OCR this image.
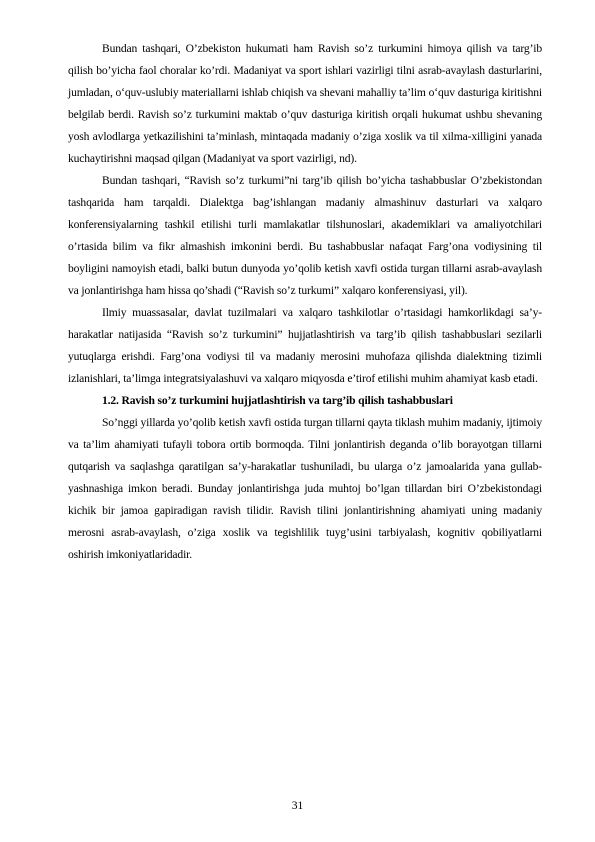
Bundan tashqari, O’zbekiston hukumati ham Ravish so’z turkumini himoya qilish va targ’ib qilish bo’yicha faol choralar ko’rdi. Madaniyat va sport ishlari vazirligi tilni asrab-avaylash dasturlarini, jumladan, o‘quv-uslubiy materiallarni ishlab chiqish va shevani mahalliy ta’lim o‘quv dasturiga kiritishni belgilab berdi. Ravish so’z turkumini maktab o’quv dasturiga kiritish orqali hukumat ushbu shevaning yosh avlodlarga yetkazilishini ta’minlash, mintaqada madaniy o’ziga xoslik va til xilma-xilligini yanada kuchaytirishni maqsad qilgan (Madaniyat va sport vazirligi, nd).

Bundan tashqari, “Ravish so’z turkumi”ni targ’ib qilish bo’yicha tashabbuslar O’zbekistondan tashqarida ham tarqaldi. Dialektga bag’ishlangan madaniy almashinuv dasturlari va xalqaro konferensiyalarning tashkil etilishi turli mamlakatlar tilshunoslari, akademiklari va amaliyotchilari o’rtasida bilim va fikr almashish imkonini berdi. Bu tashabbuslar nafaqat Farg’ona vodiysining til boyligini namoyish etadi, balki butun dunyoda yo’qolib ketish xavfi ostida turgan tillarni asrab-avaylash va jonlantirishga ham hissa qo’shadi (“Ravish so’z turkumi” xalqaro konferensiyasi, yil).

Ilmiy muassasalar, davlat tuzilmalari va xalqaro tashkilotlar o’rtasidagi hamkorlikdagi sa’y-harakatlar natijasida “Ravish so’z turkumini” hujjatlashtirish va targ’ib qilish tashabbuslari sezilarli yutuqlarga erishdi. Farg’ona vodiysi til va madaniy merosini muhofaza qilishda dialektning tizimli izlanishlari, ta’limga integratsiyalashuvi va xalqaro miqyosda e’tirof etilishi muhim ahamiyat kasb etadi.

1.2. Ravish so’z turkumini hujjatlashtirish va targ’ib qilish tashabbuslari

So’nggi yillarda yo’qolib ketish xavfi ostida turgan tillarni qayta tiklash muhim madaniy, ijtimoiy va ta’lim ahamiyati tufayli tobora ortib bormoqda. Tilni jonlantirish deganda o’lib borayotgan tillarni qutqarish va saqlashga qaratilgan sa’y-harakatlar tushuniladi, bu ularga o’z jamoalarida yana gullab-yashnashiga imkon beradi. Bunday jonlantirishga juda muhtoj bo’lgan tillardan biri O’zbekistondagi kichik bir jamoa gapiradigan ravish tilidir. Ravish tilini jonlantirishning ahamiyati uning madaniy merosni asrab-avaylash, o’ziga xoslik va tegishlilik tuyg’usini tarbiyalash, kognitiv qobiliyatlarni oshirish imkoniyatlaridadir.

31
